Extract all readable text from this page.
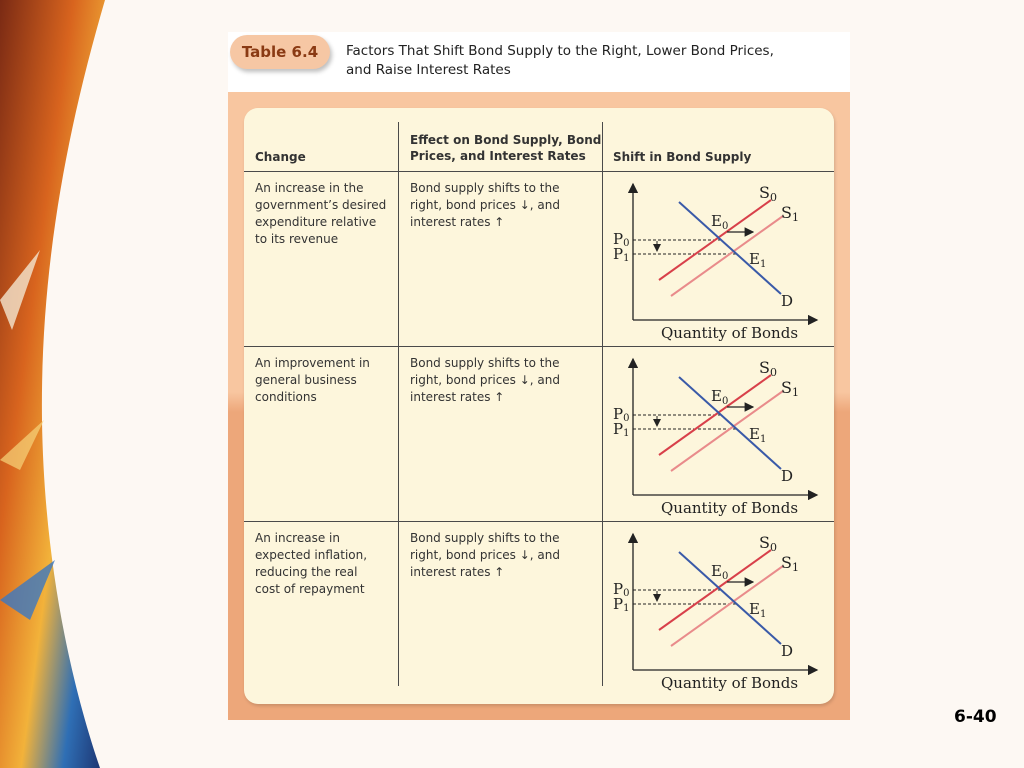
Table 6.4	Factors That Shift Bond Supply to the Right, Lower Bond Prices,
and Raise Interest Rates
Change
Effect on Bond Supply, Bond
Prices, and Interest Rates	Shift in Bond Supply
An increase in the
government’s desired
expenditure relative
to its revenue
Bond supply shifts to the
right, bond prices ↓, and
interest rates ↑
An improvement in
general business
conditions
Bond supply shifts to the
right, bond prices ↓, and
interest rates ↑
An increase in
expected inflation,
reducing the real
cost of repayment
Bond supply shifts to the
right, bond prices ↓, and
interest rates ↑
S0
S1
$E_0$
$E_1$
P0
P1
D
Quantity of Bonds
S0
S1
$E_0$
$E_1$
P0
P1
D
Quantity of Bonds
S0
S1
$E_0$
$E_1$
P0
P1
D
Quantity of Bonds
6-40
